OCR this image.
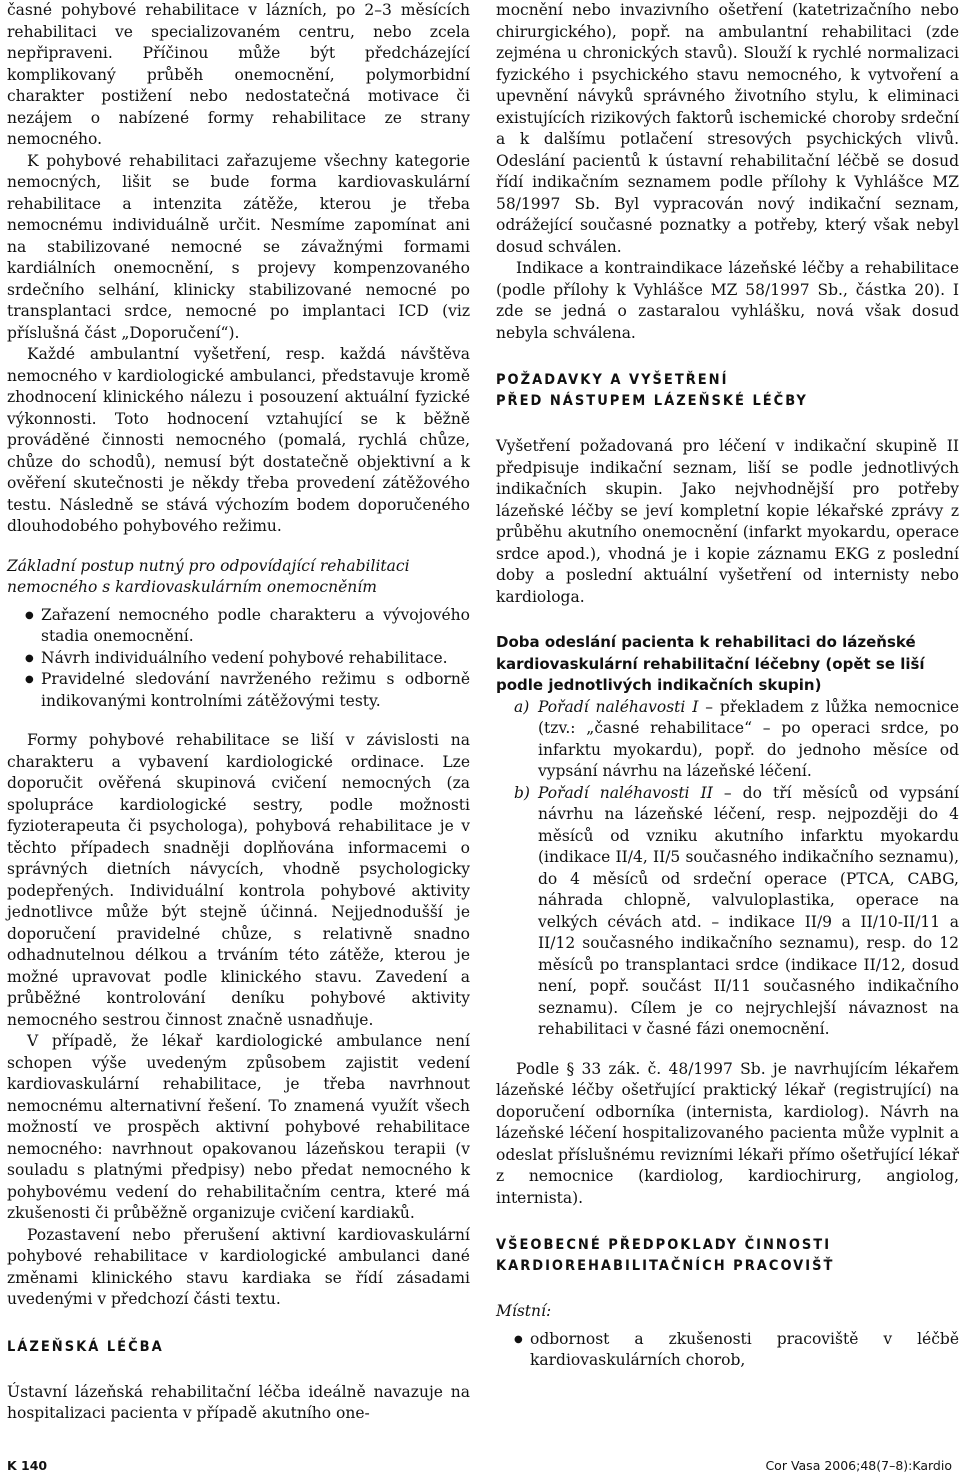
časné pohybové rehabilitace v lázních, po 2–3 měsících rehabilitaci ve specializovaném centru, nebo zcela nepřipraveni. Příčinou může být předcházející komplikovaný průběh onemocnění, polymorbidní charakter postižení nebo nedostatečná motivace či nezájem o nabízené formy rehabilitace ze strany nemocného.

K pohybové rehabilitaci zařazujeme všechny kategorie nemocných, lišit se bude forma kardiovaskulární rehabilitace a intenzita zátěže, kterou je třeba nemocnému individuálně určit. Nesmíme zapomínat ani na stabilizované nemocné se závažnými formami kardiálních onemocnění, s projevy kompenzovaného srdečního selhání, klinicky stabilizované nemocné po transplantaci srdce, nemocné po implantaci ICD (viz příslušná část „Doporučení“).

Každé ambulantní vyšetření, resp. každá návštěva nemocného v kardiologické ambulanci, představuje kromě zhodnocení klinického nálezu i posouzení aktuální fyzické výkonnosti. Toto hodnocení vztahující se k běžně prováděné činnosti nemocného (pomalá, rychlá chůze, chůze do schodů), nemusí být dostatečně objektivní a k ověření skutečnosti je někdy třeba provedení zátěžového testu. Následně se stává výchozím bodem doporučeného dlouhodobého pohybového režimu.

Základní postup nutný pro odpovídající rehabilitaci nemocného s kardiovaskulárním onemocněním

● Zařazení nemocného podle charakteru a vývojového stadia onemocnění.
● Návrh individuálního vedení pohybové rehabilitace.
● Pravidelné sledování navrženého režimu s odborně indikovanými kontrolními zátěžovými testy.

Formy pohybové rehabilitace se liší v závislosti na charakteru a vybavení kardiologické ordinace. Lze doporučit ověřená skupinová cvičení nemocných (za spolupráce kardiologické sestry, podle možnosti fyzioterapeuta či psychologa), pohybová rehabilitace je v těchto případech snadněji doplňována informacemi o správných dietních návycích, vhodně psychologicky podepřených. Individuální kontrola pohybové aktivity jednotlivce může být stejně účinná. Nejjednodušší je doporučení pravidelné chůze, s relativně snadno odhadnutelnou délkou a trváním této zátěže, kterou je možné upravovat podle klinického stavu. Zavedení a průběžné kontrolování deníku pohybové aktivity nemocného sestrou činnost značně usnadňuje.

V případě, že lékař kardiologické ambulance není schopen výše uvedeným způsobem zajistit vedení kardiovaskulární rehabilitace, je třeba navrhnout nemocnému alternativní řešení. To znamená využít všech možností ve prospěch aktivní pohybové rehabilitace nemocného: navrhnout opakovanou lázeňskou terapii (v souladu s platnými předpisy) nebo předat nemocného k pohybovému vedení do rehabilitačním centra, které má zkušenosti či průběžně organizuje cvičení kardiaků.

Pozastavení nebo přerušení aktivní kardiovaskulární pohybové rehabilitace v kardiologické ambulanci dané změnami klinického stavu kardiaka se řídí zásadami uvedenými v předchozí části textu.

LÁZEŇSKÁ LÉČBA

Ústavní lázeňská rehabilitační léčba ideálně navazuje na hospitalizaci pacienta v případě akutního one-

mocnění nebo invazivního ošetření (katetrizačního nebo chirurgického), popř. na ambulantní rehabilitaci (zde zejména u chronických stavů). Slouží k rychlé normalizaci fyzického i psychického stavu nemocného, k vytvoření a upevnění návyků správného životního stylu, k eliminaci existujících rizikových faktorů ischemické choroby srdeční a k dalšímu potlačení stresových psychických vlivů. Odeslání pacientů k ústavní rehabilitační léčbě se dosud řídí indikačním seznamem podle přílohy k Vyhlášce MZ 58/1997 Sb. Byl vypracován nový indikační seznam, odrážející současné poznatky a potřeby, který však nebyl dosud schválen.

Indikace a kontraindikace lázeňské léčby a rehabilitace (podle přílohy k Vyhlášce MZ 58/1997 Sb., částka 20). I zde se jedná o zastaralou vyhlášku, nová však dosud nebyla schválena.

POŽADAVKY A VYŠETŘENÍ
PŘED NÁSTUPEM LÁZEŇSKÉ LÉČBY

Vyšetření požadovaná pro léčení v indikační skupině II předpisuje indikační seznam, liší se podle jednotlivých indikačních skupin. Jako nejvhodnější pro potřeby lázeňské léčby se jeví kompletní kopie lékařské zprávy z průběhu akutního onemocnění (infarkt myokardu, operace srdce apod.), vhodná je i kopie záznamu EKG z poslední doby a poslední aktuální vyšetření od internisty nebo kardiologa.

Doba odeslání pacienta k rehabilitaci do lázeňské kardiovaskulární rehabilitační léčebny (opět se liší podle jednotlivých indikačních skupin)
a) Pořadí naléhavosti I – překladem z lůžka nemocnice (tzv.: „časné rehabilitace“ – po operaci srdce, po infarktu myokardu), popř. do jednoho měsíce od vypsání návrhu na lázeňské léčení.
b) Pořadí naléhavosti II – do tří měsíců od vypsání návrhu na lázeňské léčení, resp. nejpozději do 4 měsíců od vzniku akutního infarktu myokardu (indikace II/4, II/5 současného indikačního seznamu), do 4 měsíců od srdeční operace (PTCA, CABG, náhrada chlopně, valvuloplastika, operace na velkých cévách atd. – indikace II/9 a II/10-II/11 a II/12 současného indikačního seznamu), resp. do 12 měsíců po transplantaci srdce (indikace II/12, dosud není, popř. součást II/11 současného indikačního seznamu). Cílem je co nejrychlejší návaznost na rehabilitaci v časné fázi onemocnění.

Podle § 33 zák. č. 48/1997 Sb. je navrhujícím lékařem lázeňské léčby ošetřující praktický lékař (registrující) na doporučení odborníka (internista, kardiolog). Návrh na lázeňské léčení hospitalizovaného pacienta může vyplnit a odeslat příslušnému revizními lékaři přímo ošetřující lékař z nemocnice (kardiolog, kardiochirurg, angiolog, internista).

VŠEOBECNÉ PŘEDPOKLADY ČINNOSTI
KARDIOREHABILITAČNÍCH PRACOVIŠŤ

Místní:

● odbornost a zkušenosti pracoviště v léčbě kardiovaskulárních chorob,
K 140	Cor Vasa 2006;48(7–8):Kardio
